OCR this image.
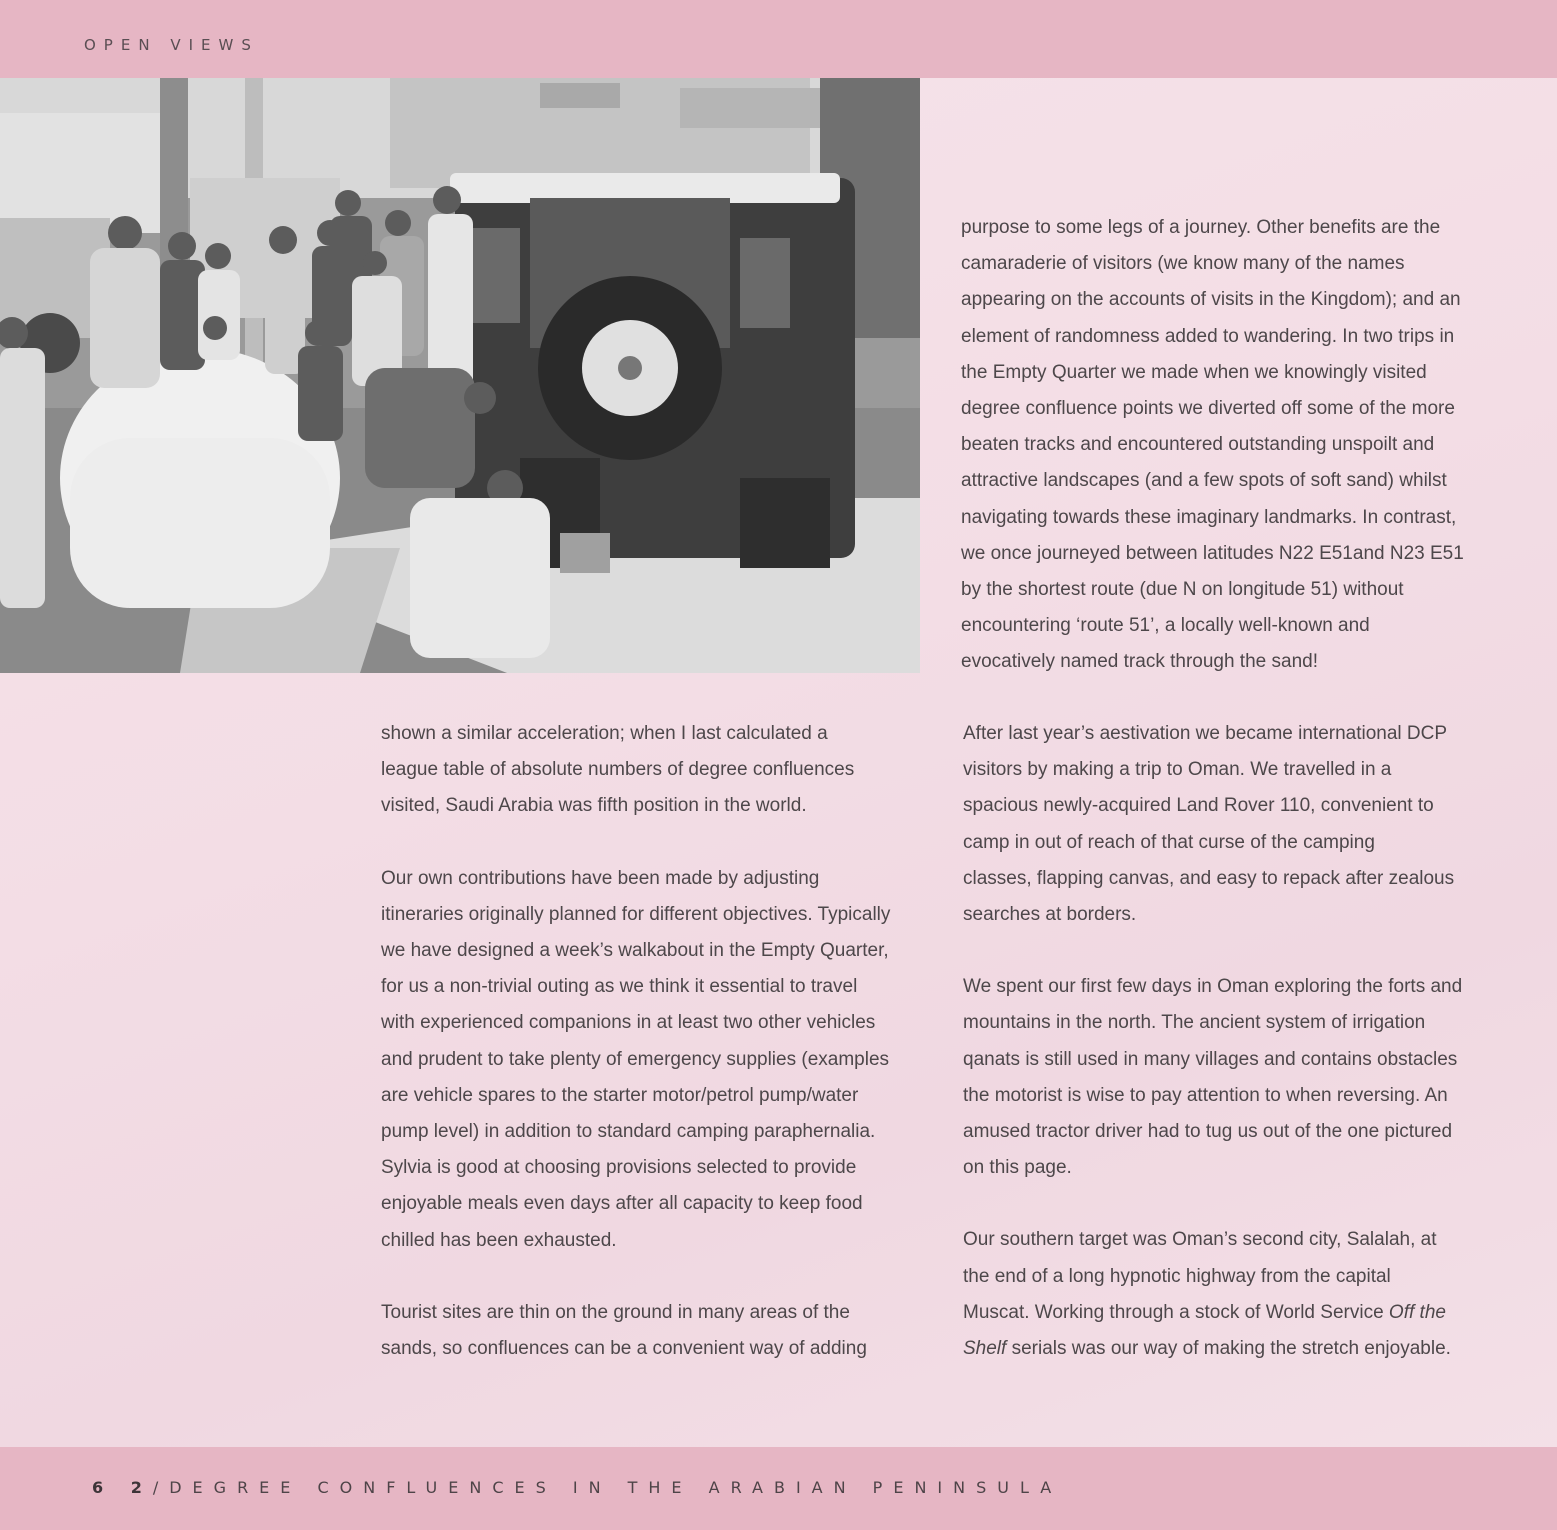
OPEN VIEWS

purpose to some legs of a journey. Other benefits are the
camaraderie of visitors (we know many of the names
appearing on the accounts of visits in the Kingdom); and an
element of randomness added to wandering. In two trips in
the Empty Quarter we made when we knowingly visited
degree confluence points we diverted off some of the more
beaten tracks and encountered outstanding unspoilt and
attractive landscapes (and a few spots of soft sand) whilst
navigating towards these imaginary landmarks. In contrast,
we once journeyed between latitudes N22 E51and N23 E51
by the shortest route (due N on longitude 51) without
encountering ‘route 51’, a locally well-known and
evocatively named track through the sand!

shown a similar acceleration; when I last calculated a
league table of absolute numbers of degree confluences
visited, Saudi Arabia was fifth position in the world.

Our own contributions have been made by adjusting
itineraries originally planned for different objectives. Typically
we have designed a week’s walkabout in the Empty Quarter,
for us a non-trivial outing as we think it essential to travel
with experienced companions in at least two other vehicles
and prudent to take plenty of emergency supplies (examples
are vehicle spares to the starter motor/petrol pump/water
pump level) in addition to standard camping paraphernalia.
Sylvia is good at choosing provisions selected to provide
enjoyable meals even days after all capacity to keep food
chilled has been exhausted.

Tourist sites are thin on the ground in many areas of the
sands, so confluences can be a convenient way of adding

After last year’s aestivation we became international DCP
visitors by making a trip to Oman. We travelled in a
spacious newly-acquired Land Rover 110, convenient to
camp in out of reach of that curse of the camping
classes, flapping canvas, and easy to repack after zealous
searches at borders.

We spent our first few days in Oman exploring the forts and
mountains in the north. The ancient system of irrigation
qanats is still used in many villages and contains obstacles
the motorist is wise to pay attention to when reversing. An
amused tractor driver had to tug us out of the one pictured
on this page.

Our southern target was Oman’s second city, Salalah, at
the end of a long hypnotic highway from the capital
Muscat. Working through a stock of World Service Off the
Shelf serials was our way of making the stretch enjoyable.

6 2/DEGREE CONFLUENCES IN THE ARABIAN PENINSULA
